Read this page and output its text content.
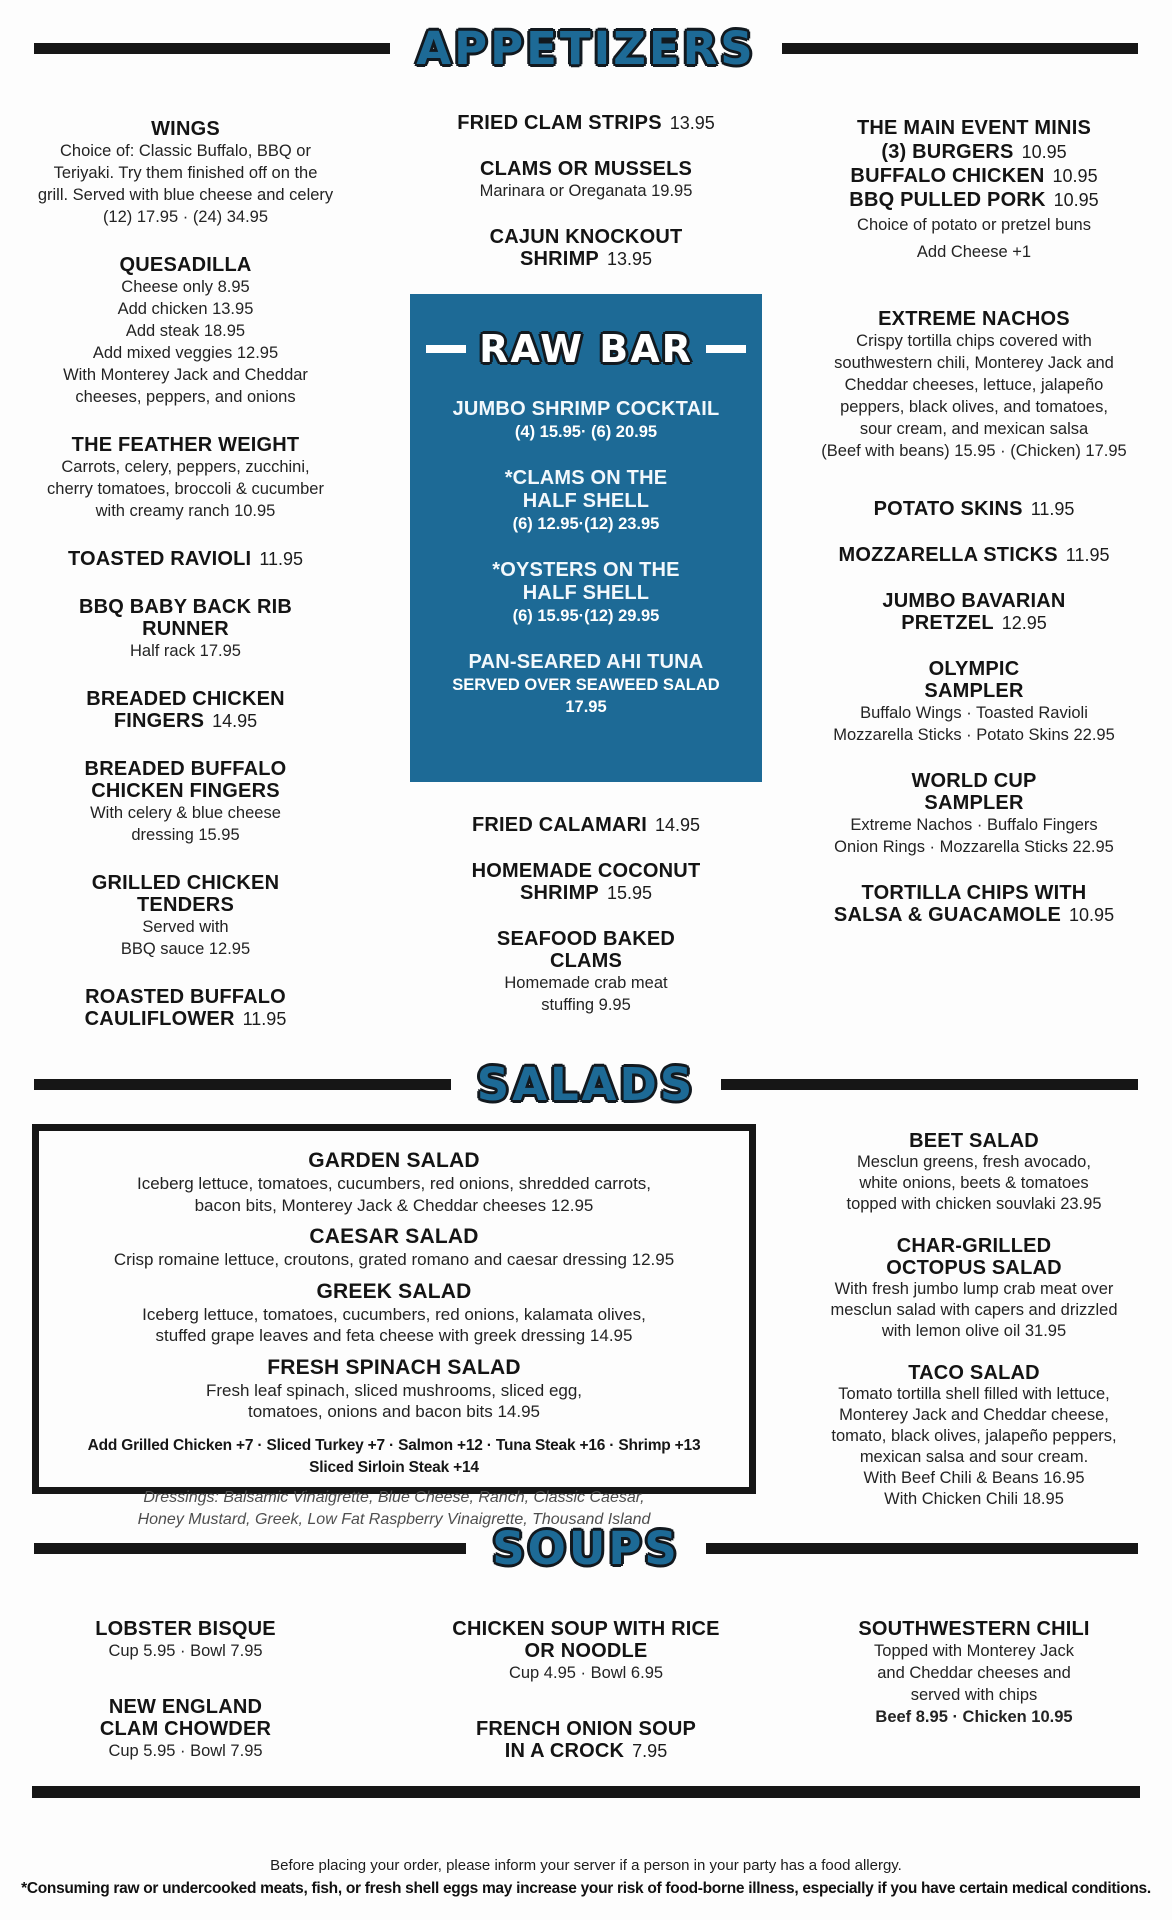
APPETIZERS
WINGS
Choice of: Classic Buffalo, BBQ or
Teriyaki. Try them finished off on the
grill. Served with blue cheese and celery
(12) 17.95 · (24) 34.95
QUESADILLA
Cheese only 8.95
Add chicken 13.95
Add steak 18.95
Add mixed veggies 12.95
With Monterey Jack and Cheddar
cheeses, peppers, and onions
THE FEATHER WEIGHT
Carrots, celery, peppers, zucchini,
cherry tomatoes, broccoli & cucumber
with creamy ranch 10.95
TOASTED RAVIOLI 11.95
BBQ BABY BACK RIB
RUNNER
Half rack 17.95
BREADED CHICKEN
FINGERS 14.95
BREADED BUFFALO
CHICKEN FINGERS
With celery & blue cheese
dressing 15.95
GRILLED CHICKEN
TENDERS
Served with
BBQ sauce 12.95
ROASTED BUFFALO
CAULIFLOWER 11.95
FRIED CLAM STRIPS 13.95
CLAMS OR MUSSELS
Marinara or Oreganata 19.95
CAJUN KNOCKOUT
SHRIMP 13.95
RAW BAR
JUMBO SHRIMP COCKTAIL
(4) 15.95· (6) 20.95
*CLAMS ON THE
HALF SHELL
(6) 12.95·(12) 23.95
*OYSTERS ON THE
HALF SHELL
(6) 15.95·(12) 29.95
PAN-SEARED AHI TUNA
SERVED OVER SEAWEED SALAD
17.95
FRIED CALAMARI 14.95
HOMEMADE COCONUT
SHRIMP 15.95
SEAFOOD BAKED
CLAMS
Homemade crab meat
stuffing 9.95
THE MAIN EVENT MINIS
(3) BURGERS 10.95
BUFFALO CHICKEN 10.95
BBQ PULLED PORK 10.95
Choice of potato or pretzel buns
Add Cheese +1
EXTREME NACHOS
Crispy tortilla chips covered with
southwestern chili, Monterey Jack and
Cheddar cheeses, lettuce, jalapeño
peppers, black olives, and tomatoes,
sour cream, and mexican salsa
(Beef with beans) 15.95 · (Chicken) 17.95
POTATO SKINS 11.95
MOZZARELLA STICKS 11.95
JUMBO BAVARIAN
PRETZEL 12.95
OLYMPIC
SAMPLER
Buffalo Wings · Toasted Ravioli
Mozzarella Sticks · Potato Skins 22.95
WORLD CUP
SAMPLER
Extreme Nachos · Buffalo Fingers
Onion Rings · Mozzarella Sticks 22.95
TORTILLA CHIPS WITH
SALSA & GUACAMOLE 10.95
SALADS
GARDEN SALAD
Iceberg lettuce, tomatoes, cucumbers, red onions, shredded carrots,
bacon bits, Monterey Jack & Cheddar cheeses 12.95
CAESAR SALAD
Crisp romaine lettuce, croutons, grated romano and caesar dressing 12.95
GREEK SALAD
Iceberg lettuce, tomatoes, cucumbers, red onions, kalamata olives,
stuffed grape leaves and feta cheese with greek dressing 14.95
FRESH SPINACH SALAD
Fresh leaf spinach, sliced mushrooms, sliced egg,
tomatoes, onions and bacon bits 14.95
Add Grilled Chicken +7 · Sliced Turkey +7 · Salmon +12 · Tuna Steak +16 · Shrimp +13
Sliced Sirloin Steak +14
Dressings: Balsamic Vinaigrette, Blue Cheese, Ranch, Classic Caesar,
Honey Mustard, Greek, Low Fat Raspberry Vinaigrette, Thousand Island
BEET SALAD
Mesclun greens, fresh avocado,
white onions, beets & tomatoes
topped with chicken souvlaki 23.95
CHAR-GRILLED
OCTOPUS SALAD
With fresh jumbo lump crab meat over
mesclun salad with capers and drizzled
with lemon olive oil 31.95
TACO SALAD
Tomato tortilla shell filled with lettuce,
Monterey Jack and Cheddar cheese,
tomato, black olives, jalapeño peppers,
mexican salsa and sour cream.
With Beef Chili & Beans 16.95
With Chicken Chili 18.95
SOUPS
LOBSTER BISQUE
Cup 5.95 · Bowl 7.95
NEW ENGLAND
CLAM CHOWDER
Cup 5.95 · Bowl 7.95
CHICKEN SOUP WITH RICE
OR NOODLE
Cup 4.95 · Bowl 6.95
FRENCH ONION SOUP
IN A CROCK 7.95
SOUTHWESTERN CHILI
Topped with Monterey Jack
and Cheddar cheeses and
served with chips
Beef 8.95 · Chicken 10.95
Before placing your order, please inform your server if a person in your party has a food allergy.
*Consuming raw or undercooked meats, fish, or fresh shell eggs may increase your risk of food-borne illness, especially if you have certain medical conditions.
